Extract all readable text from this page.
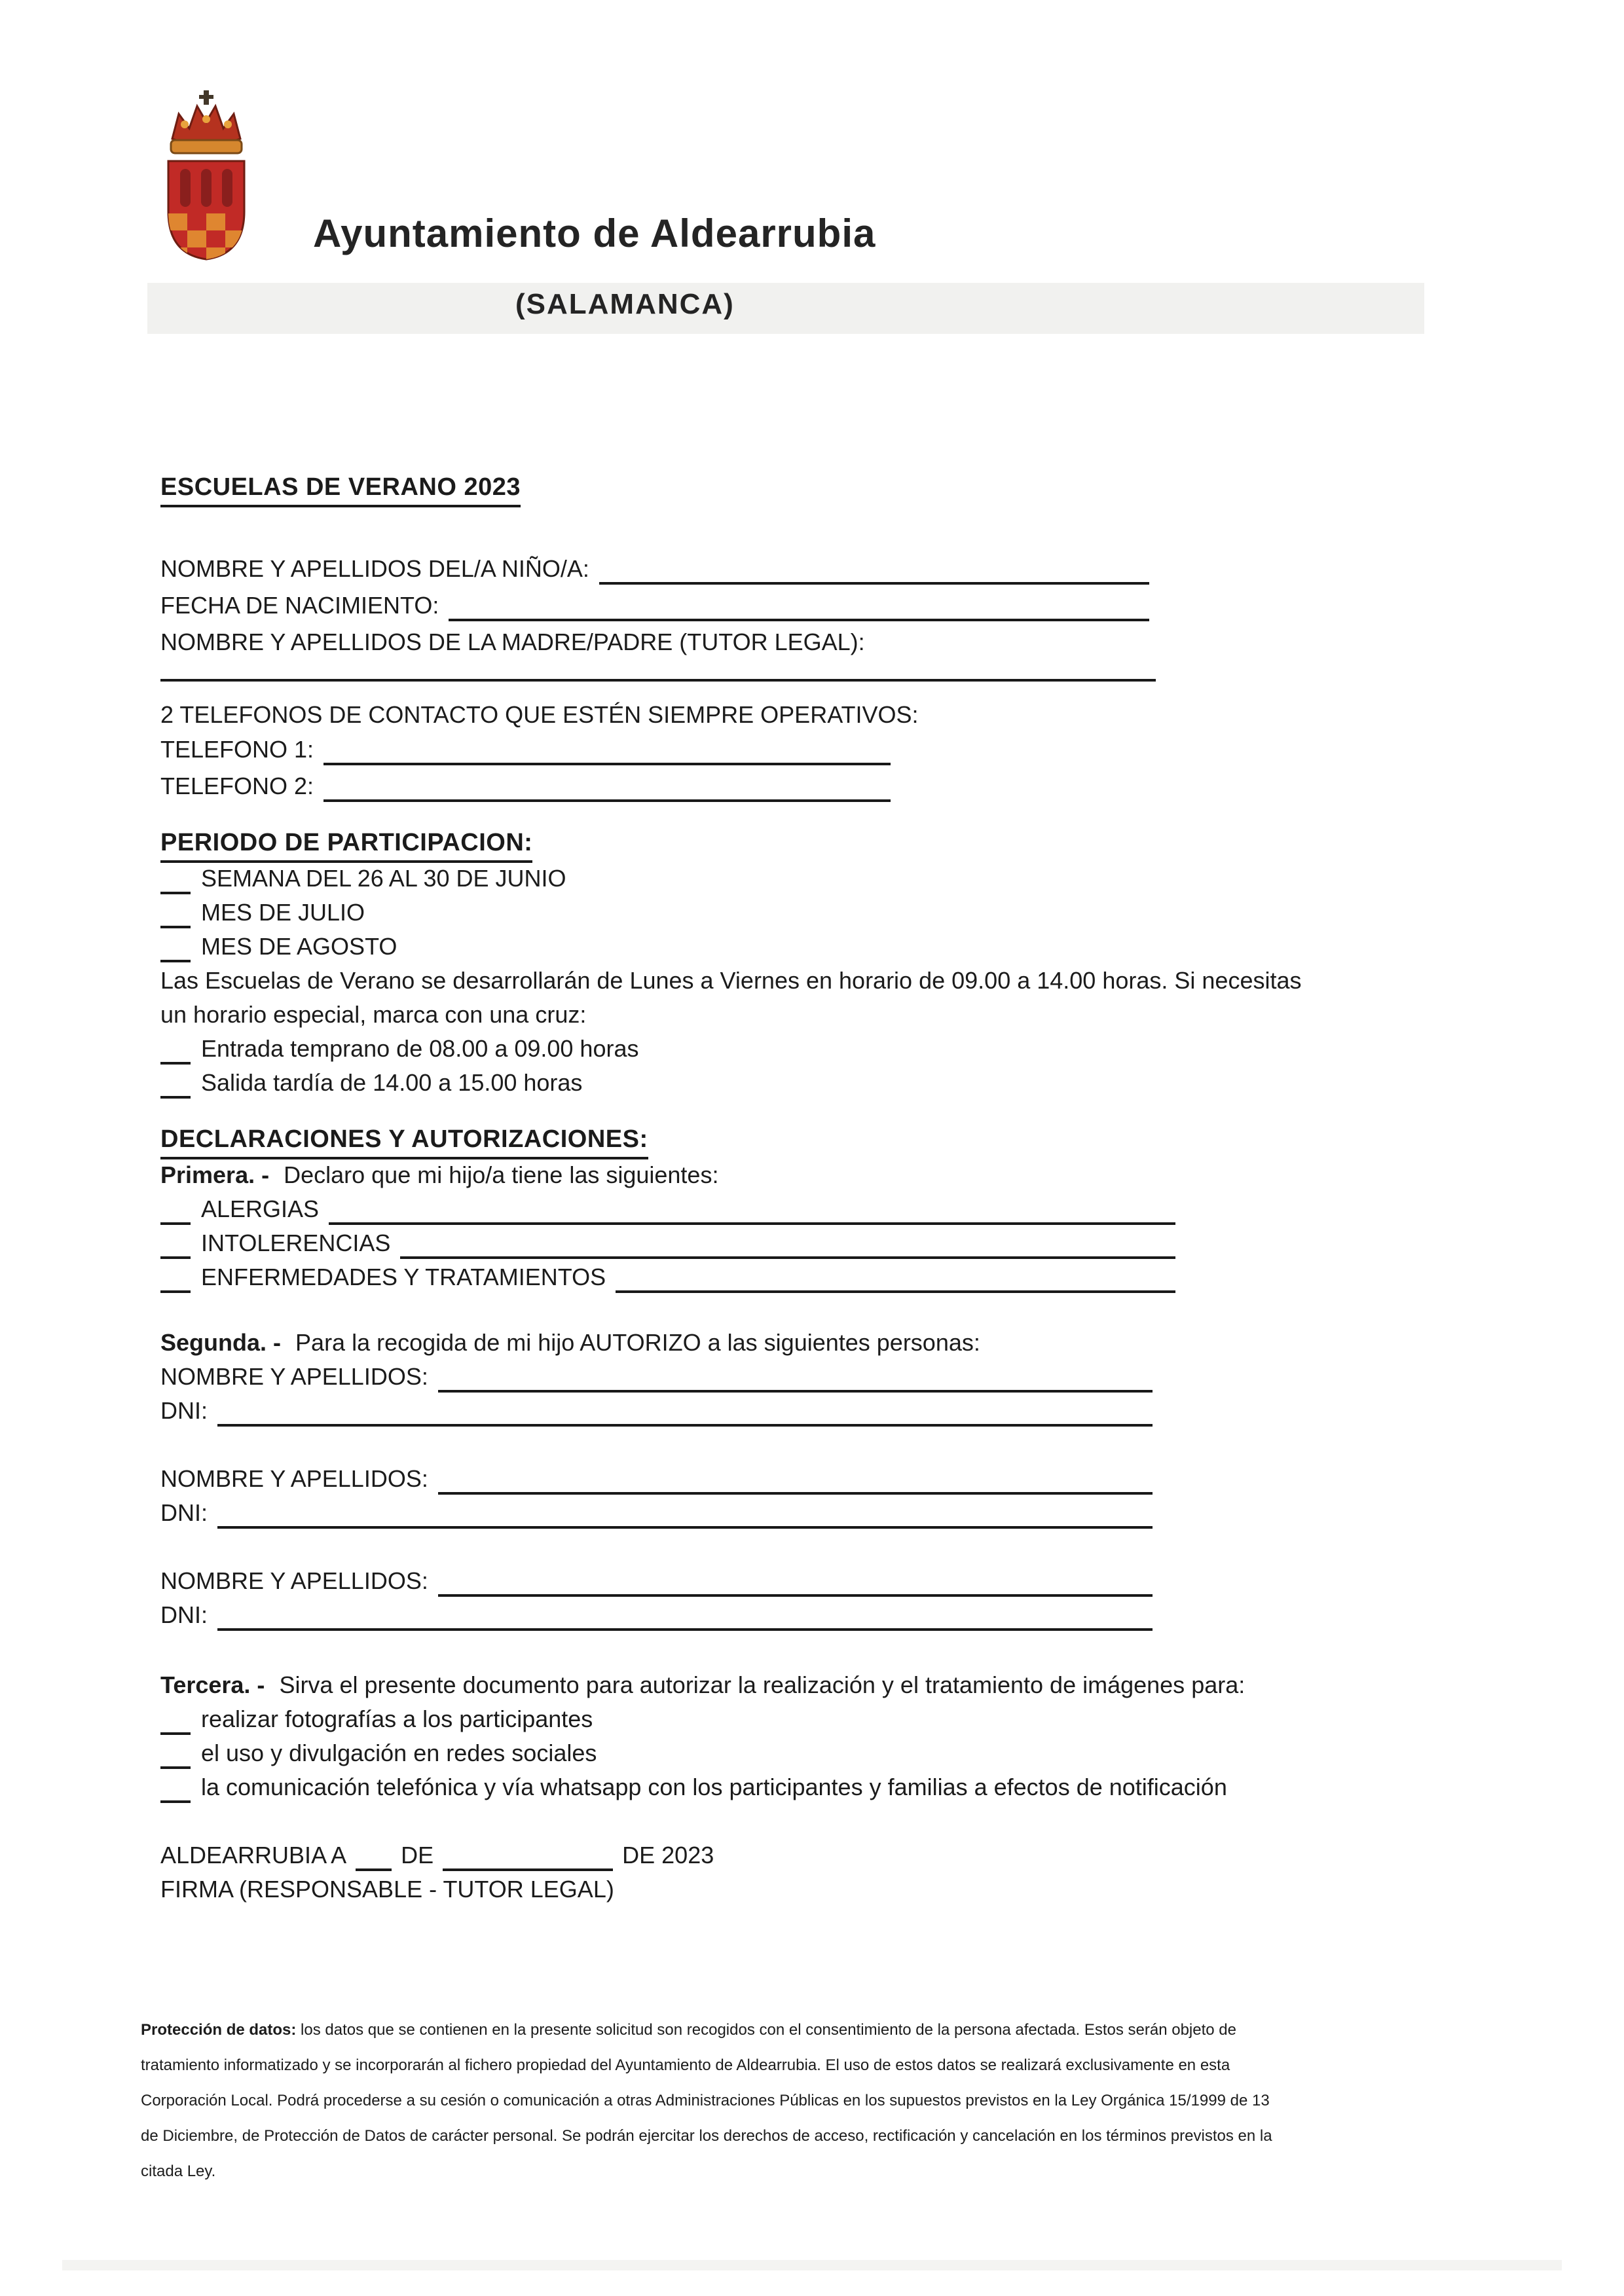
Ayuntamiento de Aldearrubia
(SALAMANCA)
ESCUELAS DE VERANO 2023
NOMBRE Y APELLIDOS DEL/A NIÑO/A:
FECHA DE NACIMIENTO:
NOMBRE Y APELLIDOS DE LA MADRE/PADRE (TUTOR LEGAL):
2 TELEFONOS DE CONTACTO QUE ESTÉN SIEMPRE OPERATIVOS:
TELEFONO 1:
TELEFONO 2:
PERIODO DE PARTICIPACION:
SEMANA DEL 26 AL 30 DE JUNIO
MES DE JULIO
MES DE AGOSTO
Las Escuelas de Verano se desarrollarán de Lunes a Viernes en horario de 09.00 a 14.00 horas. Si necesitas
un horario especial, marca con una cruz:
Entrada temprano de 08.00 a 09.00 horas
Salida tardía de 14.00 a 15.00 horas
DECLARACIONES Y AUTORIZACIONES:
Primera. - Declaro que mi hijo/a tiene las siguientes:
ALERGIAS
INTOLERENCIAS
ENFERMEDADES Y TRATAMIENTOS
Segunda. - Para la recogida de mi hijo AUTORIZO a las siguientes personas:
NOMBRE Y APELLIDOS:
DNI:
NOMBRE Y APELLIDOS:
DNI:
NOMBRE Y APELLIDOS:
DNI:
Tercera. - Sirva el presente documento para autorizar la realización y el tratamiento de imágenes para:
realizar fotografías a los participantes
el uso y divulgación en redes sociales
la comunicación telefónica y vía whatsapp con los participantes y familias a efectos de notificación
ALDEARRUBIA A DE	DE 2023
FIRMA (RESPONSABLE - TUTOR LEGAL)
Protección de datos: los datos que se contienen en la presente solicitud son recogidos con el consentimiento de la persona afectada. Estos serán objeto de tratamiento informatizado y se incorporarán al fichero propiedad del Ayuntamiento de Aldearrubia. El uso de estos datos se realizará exclusivamente en esta Corporación Local. Podrá procederse a su cesión o comunicación a otras Administraciones Públicas en los supuestos previstos en la Ley Orgánica 15/1999 de 13 de Diciembre, de Protección de Datos de carácter personal. Se podrán ejercitar los derechos de acceso, rectificación y cancelación en los términos previstos en la citada Ley.
